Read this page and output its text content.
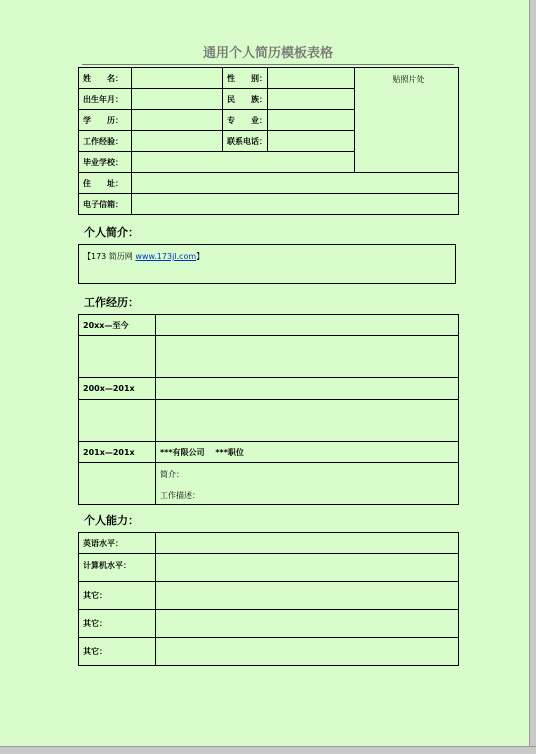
通用个人简历模板表格
姓　　名：		性　　别：		贴照片处
出生年月：		民　　族：		
学　　历：		专　　业：		
工作经验：		联系电话：		
毕业学校：				
住　　址：				
电子信箱：				
个人简介：
【173 简历网 www.173jl.com】
工作经历：
20xx—至今	

200x—201x	

201x—201x	***有限公司　 ***职位

	简介：
工作描述：
个人能力：
英语水平：	
计算机水平：	
其它：	
其它：	
其它：	
